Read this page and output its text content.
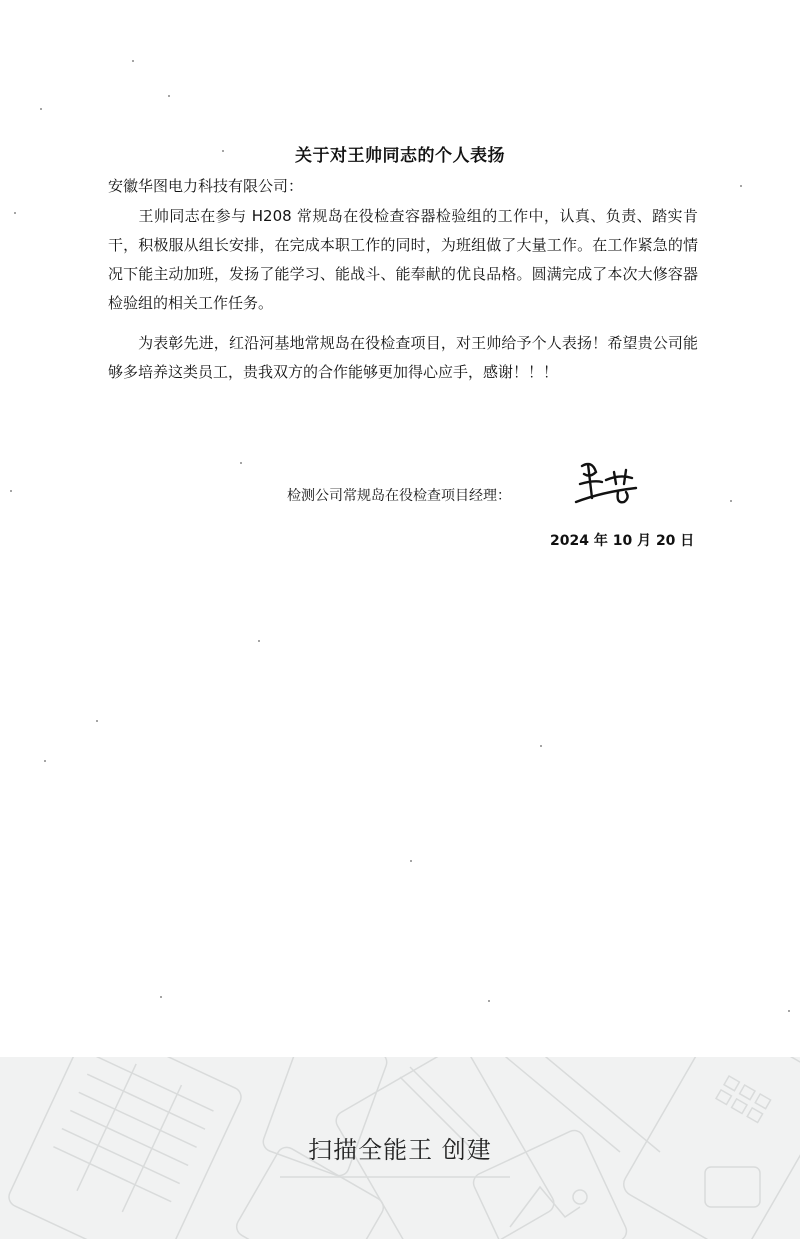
关于对王帅同志的个人表扬
安徽华图电力科技有限公司：
王帅同志在参与 H208 常规岛在役检查容器检验组的工作中，认真、负责、踏实肯干，积极服从组长安排，在完成本职工作的同时，为班组做了大量工作。在工作紧急的情况下能主动加班，发扬了能学习、能战斗、能奉献的优良品格。圆满完成了本次大修容器检验组的相关工作任务。
为表彰先进，红沿河基地常规岛在役检查项目，对王帅给予个人表扬！希望贵公司能够多培养这类员工，贵我双方的合作能够更加得心应手，感谢！！！
检测公司常规岛在役检查项目经理：
2024 年 10 月 20 日
扫描全能王 创建
